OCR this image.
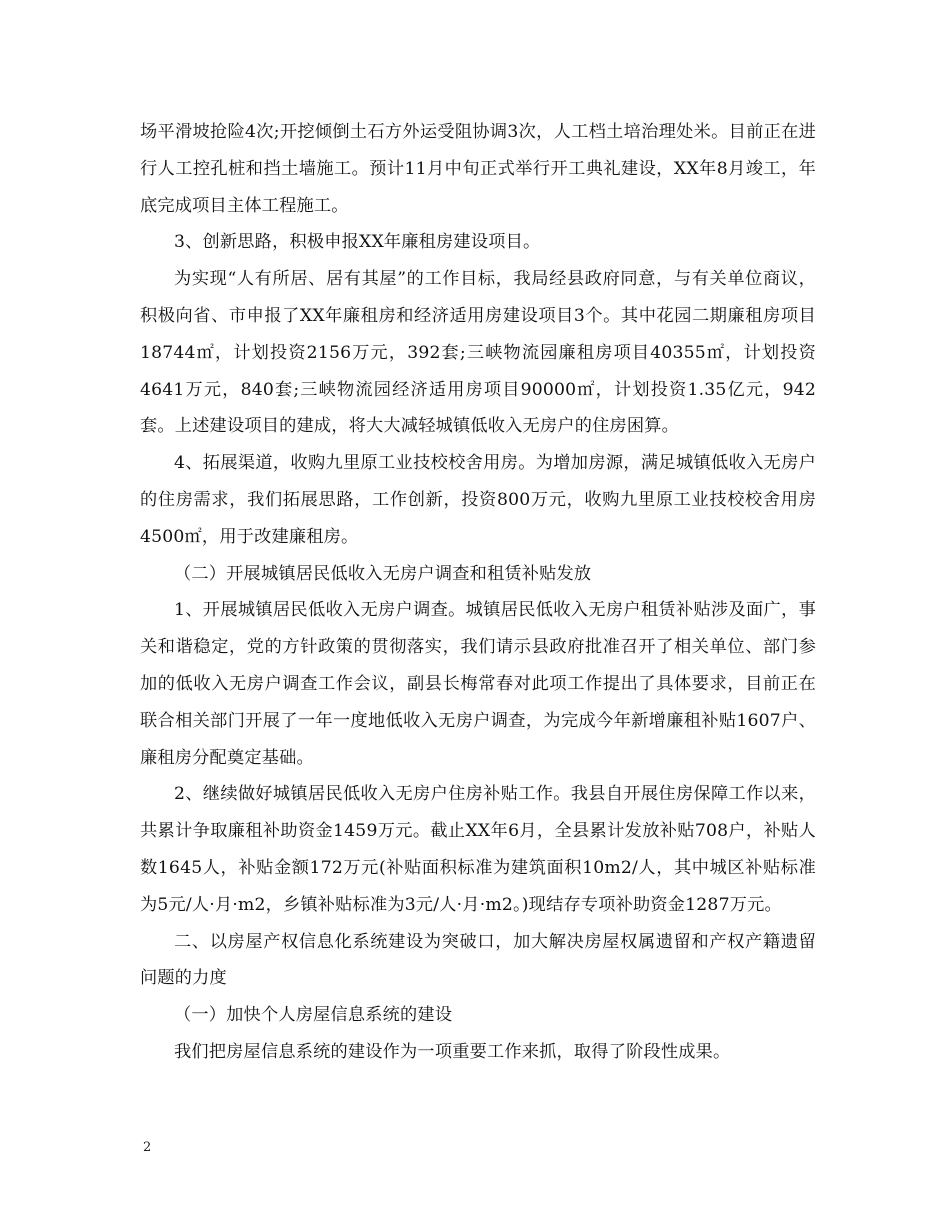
场平滑坡抢险4次;开挖倾倒土石方外运受阻协调3次，人工档土培治理处米。目前正在进行人工控孔桩和挡土墙施工。预计11月中旬正式举行开工典礼建设，XX年8月竣工，年底完成项目主体工程施工。

3、创新思路，积极申报XX年廉租房建设项目。

为实现“人有所居、居有其屋”的工作目标，我局经县政府同意，与有关单位商议，积极向省、市申报了XX年廉租房和经济适用房建设项目3个。其中花园二期廉租房项目18744㎡，计划投资2156万元，392套;三峡物流园廉租房项目40355㎡，计划投资4641万元，840套;三峡物流园经济适用房项目90000㎡，计划投资1.35亿元，942套。上述建设项目的建成，将大大减轻城镇低收入无房户的住房困算。

4、拓展渠道，收购九里原工业技校校舍用房。为增加房源，满足城镇低收入无房户的住房需求，我们拓展思路，工作创新，投资800万元，收购九里原工业技校校舍用房4500㎡，用于改建廉租房。

（二）开展城镇居民低收入无房户调查和租赁补贴发放

1、开展城镇居民低收入无房户调查。城镇居民低收入无房户租赁补贴涉及面广，事关和谐稳定，党的方针政策的贯彻落实，我们请示县政府批准召开了相关单位、部门参加的低收入无房户调查工作会议，副县长梅常春对此项工作提出了具体要求，目前正在联合相关部门开展了一年一度地低收入无房户调查，为完成今年新增廉租补贴1607户、廉租房分配奠定基础。

2、继续做好城镇居民低收入无房户住房补贴工作。我县自开展住房保障工作以来，共累计争取廉租补助资金1459万元。截止XX年6月，全县累计发放补贴708户，补贴人数1645人，补贴金额172万元(补贴面积标准为建筑面积10m2/人，其中城区补贴标准为5元/人·月·m2，乡镇补贴标准为3元/人·月·m2。)现结存专项补助资金1287万元。

二、以房屋产权信息化系统建设为突破口，加大解决房屋权属遗留和产权产籍遗留问题的力度

（一）加快个人房屋信息系统的建设

我们把房屋信息系统的建设作为一项重要工作来抓，取得了阶段性成果。

2
